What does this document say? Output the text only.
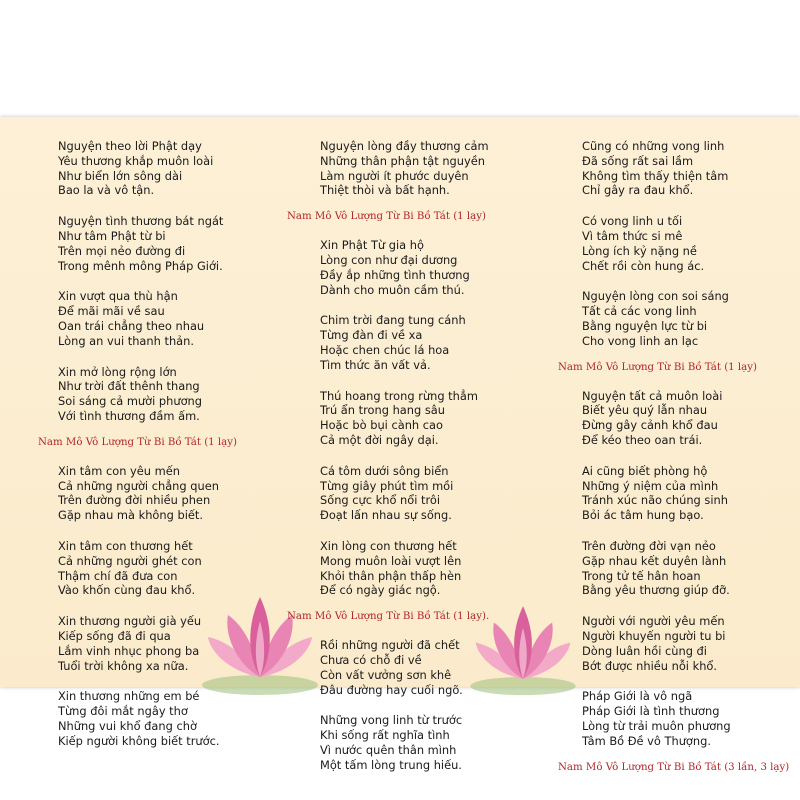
Nguyện theo lời Phật dạy
Yêu thương khắp muôn loài
Như biển lớn sông dài
Bao la và vô tận.
Nguyện tình thương bát ngát
Như tâm Phật từ bi
Trên mọi nẻo đường đi
Trong mênh mông Pháp Giới.
Xin vượt qua thù hận
Để mãi mãi về sau
Oan trái chẳng theo nhau
Lòng an vui thanh thản.
Xin mở lòng rộng lớn
Như trời đất thênh thang
Soi sáng cả mười phương
Với tình thương đầm ấm.
Nam Mô Vô Lượng Từ Bi Bồ Tát (1 lạy)
Xin tâm con yêu mến
Cả những người chẳng quen
Trên đường đời nhiều phen
Gặp nhau mà không biết.
Xin tâm con thương hết
Cả những người ghét con
Thậm chí đã đưa con
Vào khốn cùng đau khổ.
Xin thương người già yếu
Kiếp sống đã đi qua
Lắm vinh nhục phong ba
Tuổi trời không xa nữa.
Xin thương những em bé
Từng đôi mắt ngây thơ
Những vui khổ đang chờ
Kiếp người không biết trước.
Nguyện lòng đầy thương cảm
Những thân phận tật nguyền
Làm người ít phước duyên
Thiệt thòi và bất hạnh.
Nam Mô Vô Lượng Từ Bi Bồ Tát (1 lạy)
Xin Phật Từ gia hộ
Lòng con như đại dương
Đầy ắp những tình thương
Dành cho muôn cầm thú.
Chim trời đang tung cánh
Từng đàn đi về xa
Hoặc chen chúc lá hoa
Tìm thức ăn vất vả.
Thú hoang trong rừng thẳm
Trú ẩn trong hang sâu
Hoặc bò bụi cành cao
Cả một đời ngây dại.
Cá tôm dưới sông biển
Từng giây phút tìm mồi
Sống cực khổ nổi trôi
Đoạt lấn nhau sự sống.
Xin lòng con thương hết
Mong muôn loài vượt lên
Khỏi thân phận thấp hèn
Để có ngày giác ngộ.
Nam Mô Vô Lượng Từ Bi Bồ Tát (1 lạy).
Rồi những người đã chết
Chưa có chỗ đi về
Còn vất vưởng sơn khê
Đâu đường hay cuối ngõ.
Những vong linh từ trước
Khi sống rất nghĩa tình
Vì nước quên thân mình
Một tấm lòng trung hiếu.
Cũng có những vong linh
Đã sống rất sai lầm
Không tìm thấy thiện tâm
Chỉ gây ra đau khổ.
Có vong linh u tối
Vì tâm thức si mê
Lòng ích kỷ nặng nề
Chết rồi còn hung ác.
Nguyện lòng con soi sáng
Tất cả các vong linh
Bằng nguyện lực từ bi
Cho vong linh an lạc
Nam Mô Vô Lượng Từ Bi Bồ Tát (1 lạy)
Nguyện tất cả muôn loài
Biết yêu quý lẫn nhau
Đừng gây cảnh khổ đau
Để kéo theo oan trái.
Ai cũng biết phòng hộ
Những ý niệm của mình
Tránh xúc não chúng sinh
Bỏi ác tâm hung bạo.
Trên đường đời vạn nẻo
Gặp nhau kết duyên lành
Trong tử tế hân hoan
Bằng yêu thương giúp đỡ.
Người với người yêu mến
Người khuyến người tu bi
Dòng luân hồi cùng đi
Bớt được nhiều nỗi khổ.
Pháp Giới là vô ngã
Pháp Giới là tình thương
Lòng từ trải muôn phương
Tâm Bồ Đề vô Thượng.
Nam Mô Vô Lượng Từ Bi Bồ Tát (3 lần, 3 lạy)
